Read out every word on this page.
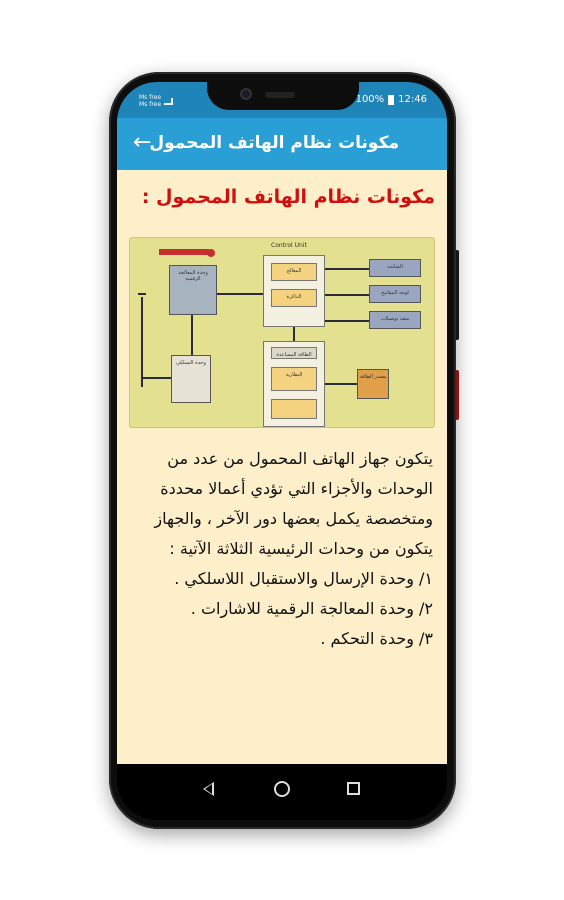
Ms free
Ms free	100% 12:46
←
مكونات نظام الهاتف المحمول
مكونات نظام الهاتف المحمول :
Control Unit
وحدة المعالجة الرقمية
وحدة التسلكي
المعالج
الذاكرة
الطاقة المساعدة
البطارية
الشاشة
لوحة المفاتيح
منفذ توصيلات
مصدر الطاقة

يتكون جهاز الهاتف المحمول من عدد من الوحدات والأجزاء التي تؤدي أعمالا محددة

ومتخصصة يكمل بعضها دور الآخر ، والجهاز يتكون من وحدات الرئيسية الثلاثة الآتية :

١/ وحدة الإرسال والاستقبال اللاسلكي .

٢/ وحدة المعالجة الرقمية للاشارات .

٣/ وحدة التحكم .
